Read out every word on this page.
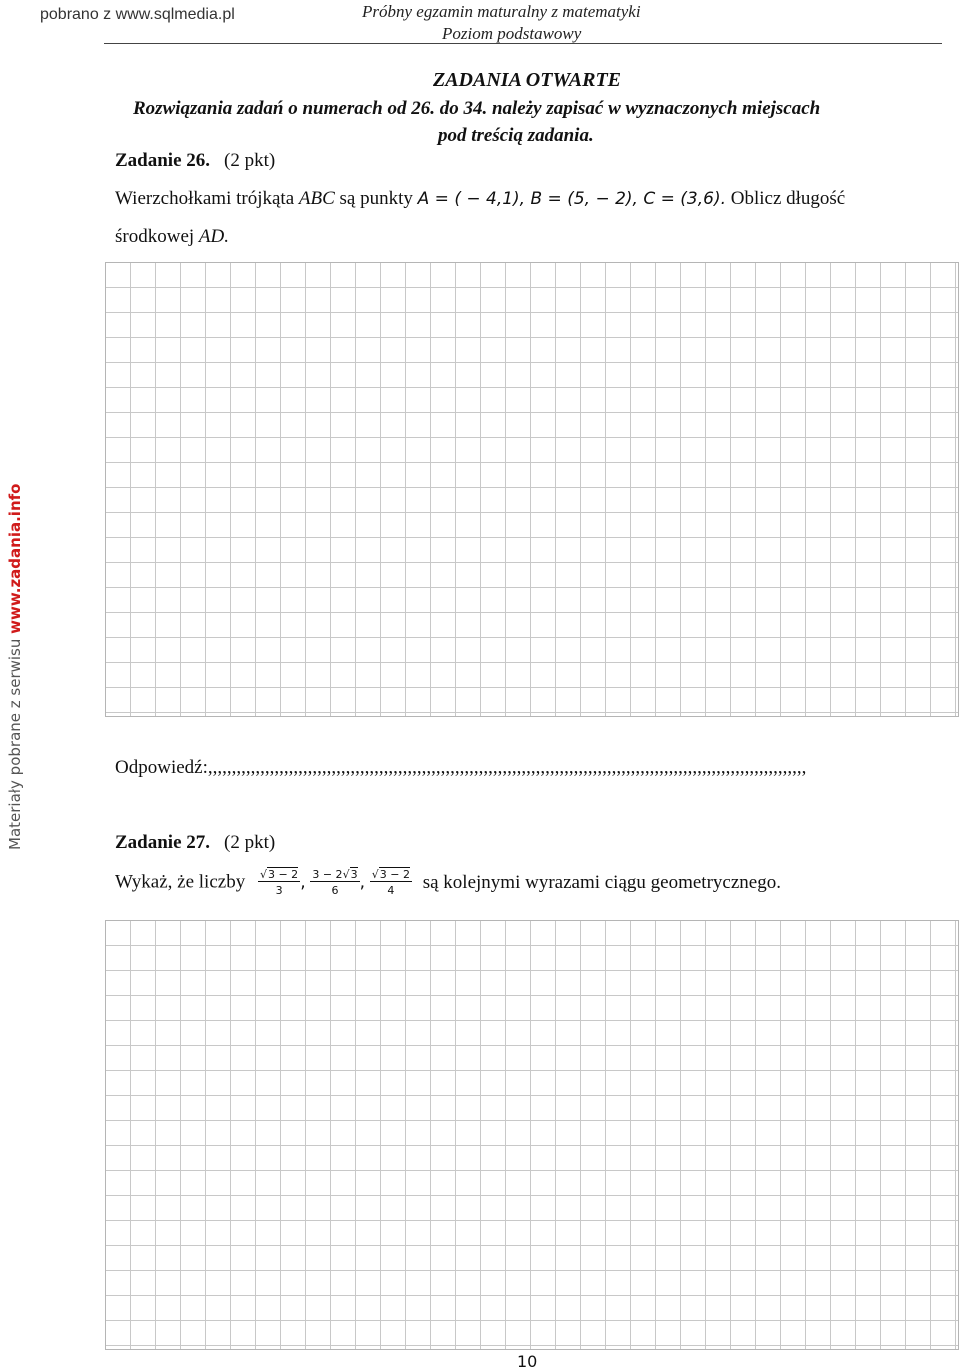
pobrano z www.sqlmedia.pl	Próbny egzamin maturalny z matematyki
Poziom podstawowy
Materiały pobrane z serwisu www.zadania.info
ZADANIA OTWARTE
Rozwiązania zadań o numerach od 26. do 34. należy zapisać w wyznaczonych miejscach
pod treścią zadania.
Zadanie 26. (2 pkt)
Wierzchołkami trójkąta ABC są punkty A = ( − 4,1), B = (5, − 2), C = (3,6). Oblicz długość
środkowej AD.
Odpowiedź:,,,,,,,,,,,,,,,,,,,,,,,,,,,,,,,,,,,,,,,,,,,,,,,,,,,,,,,,,,,,,,,,,,,,,,,,,,,,,,,,,,,,,,,,,,,,,,,,,,,,,,,,,,,,,,,,,,,,,,,,,,,,,,
Zadanie 27. (2 pkt)
Wykaż, że liczby $\frac{√3 - 2}{3}$ , $\frac{3 - 2√3}{6}$ , $\frac{√3 - 2}{4}$ są kolejnymi wyrazami ciągu geometrycznego.
10
